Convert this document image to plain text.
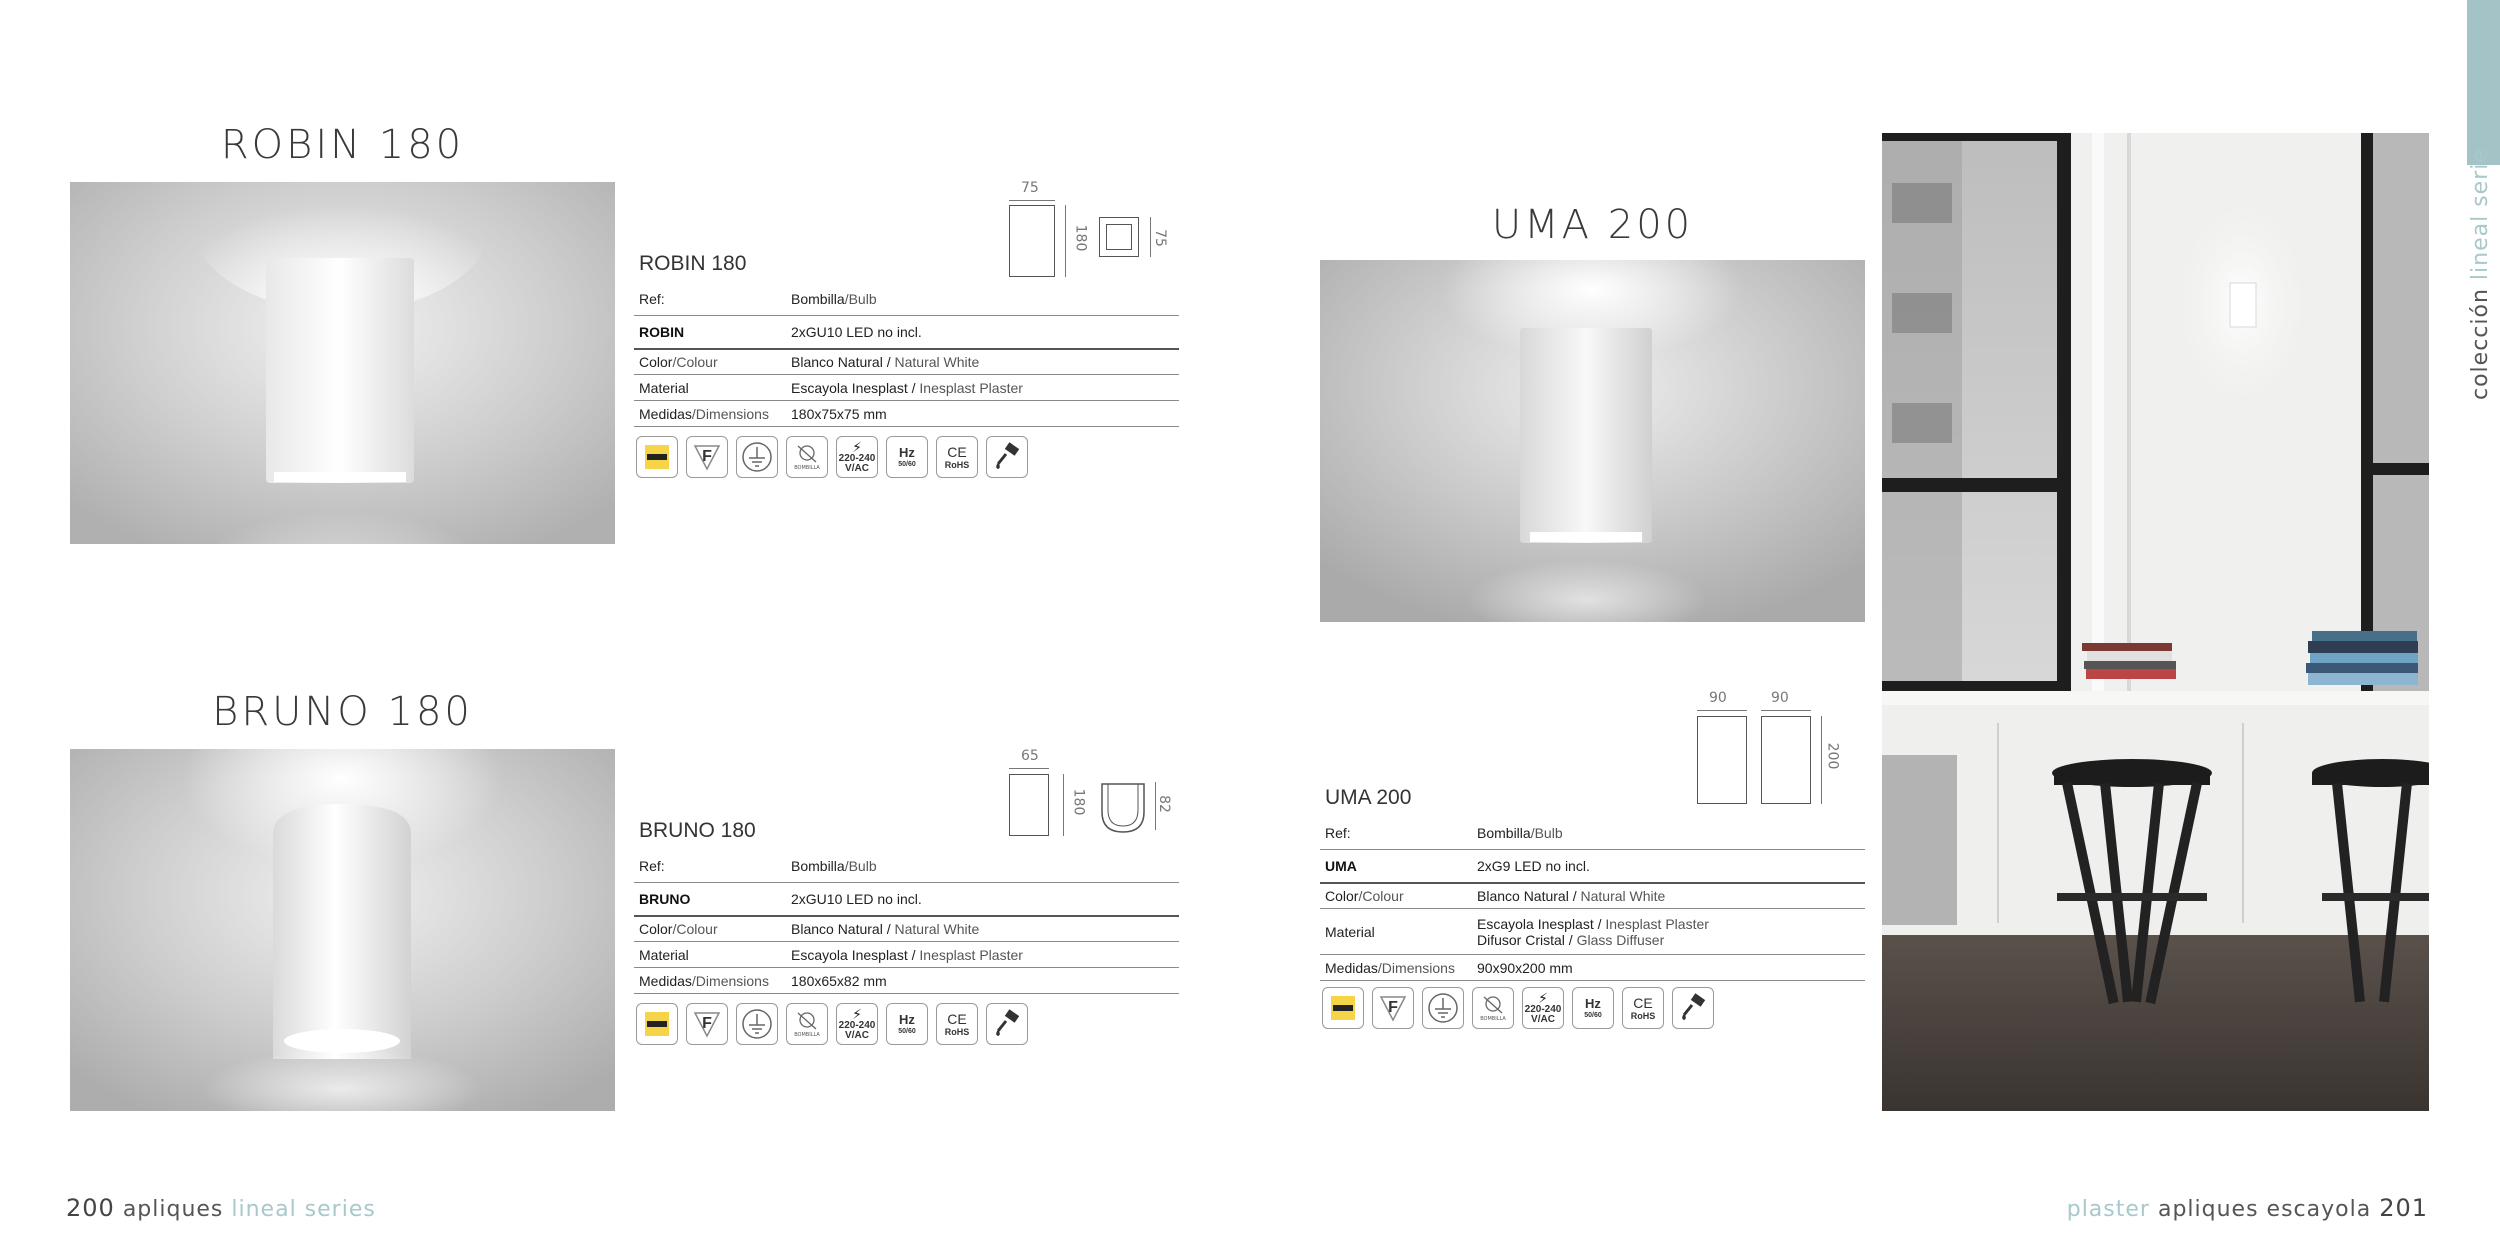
ROBIN 180
75
180	75
ROBIN 180
Ref:	Bombilla/Bulb
ROBIN	2xGU10 LED no incl.
Color/Colour	Blanco Natural / Natural White
Material	Escayola Inesplast / Inesplast Plaster
Medidas/Dimensions	180x75x75 mm
F
BOMBILLA
⚡
220-240
V/AC
Hz
50/60
CE
RoHS
BRUNO 180
65
180	82
BRUNO 180
Ref:	Bombilla/Bulb
BRUNO	2xGU10 LED no incl.
Color/Colour	Blanco Natural / Natural White
Material	Escayola Inesplast / Inesplast Plaster
Medidas/Dimensions	180x65x82 mm
F
BOMBILLA
⚡
220-240
V/AC
Hz
50/60
CE
RoHS
200 apliques lineal series
UMA 200
90	90
200
UMA 200
Ref:	Bombilla/Bulb
UMA	2xG9 LED no incl.
Color/Colour	Blanco Natural / Natural White
Material	Escayola Inesplast / Inesplast Plaster
Difusor Cristal / Glass Diffuser
Medidas/Dimensions	90x90x200 mm
F
BOMBILLA
⚡
220-240
V/AC
Hz
50/60
CE
RoHS
colección lineal serie
plaster apliques escayola 201
